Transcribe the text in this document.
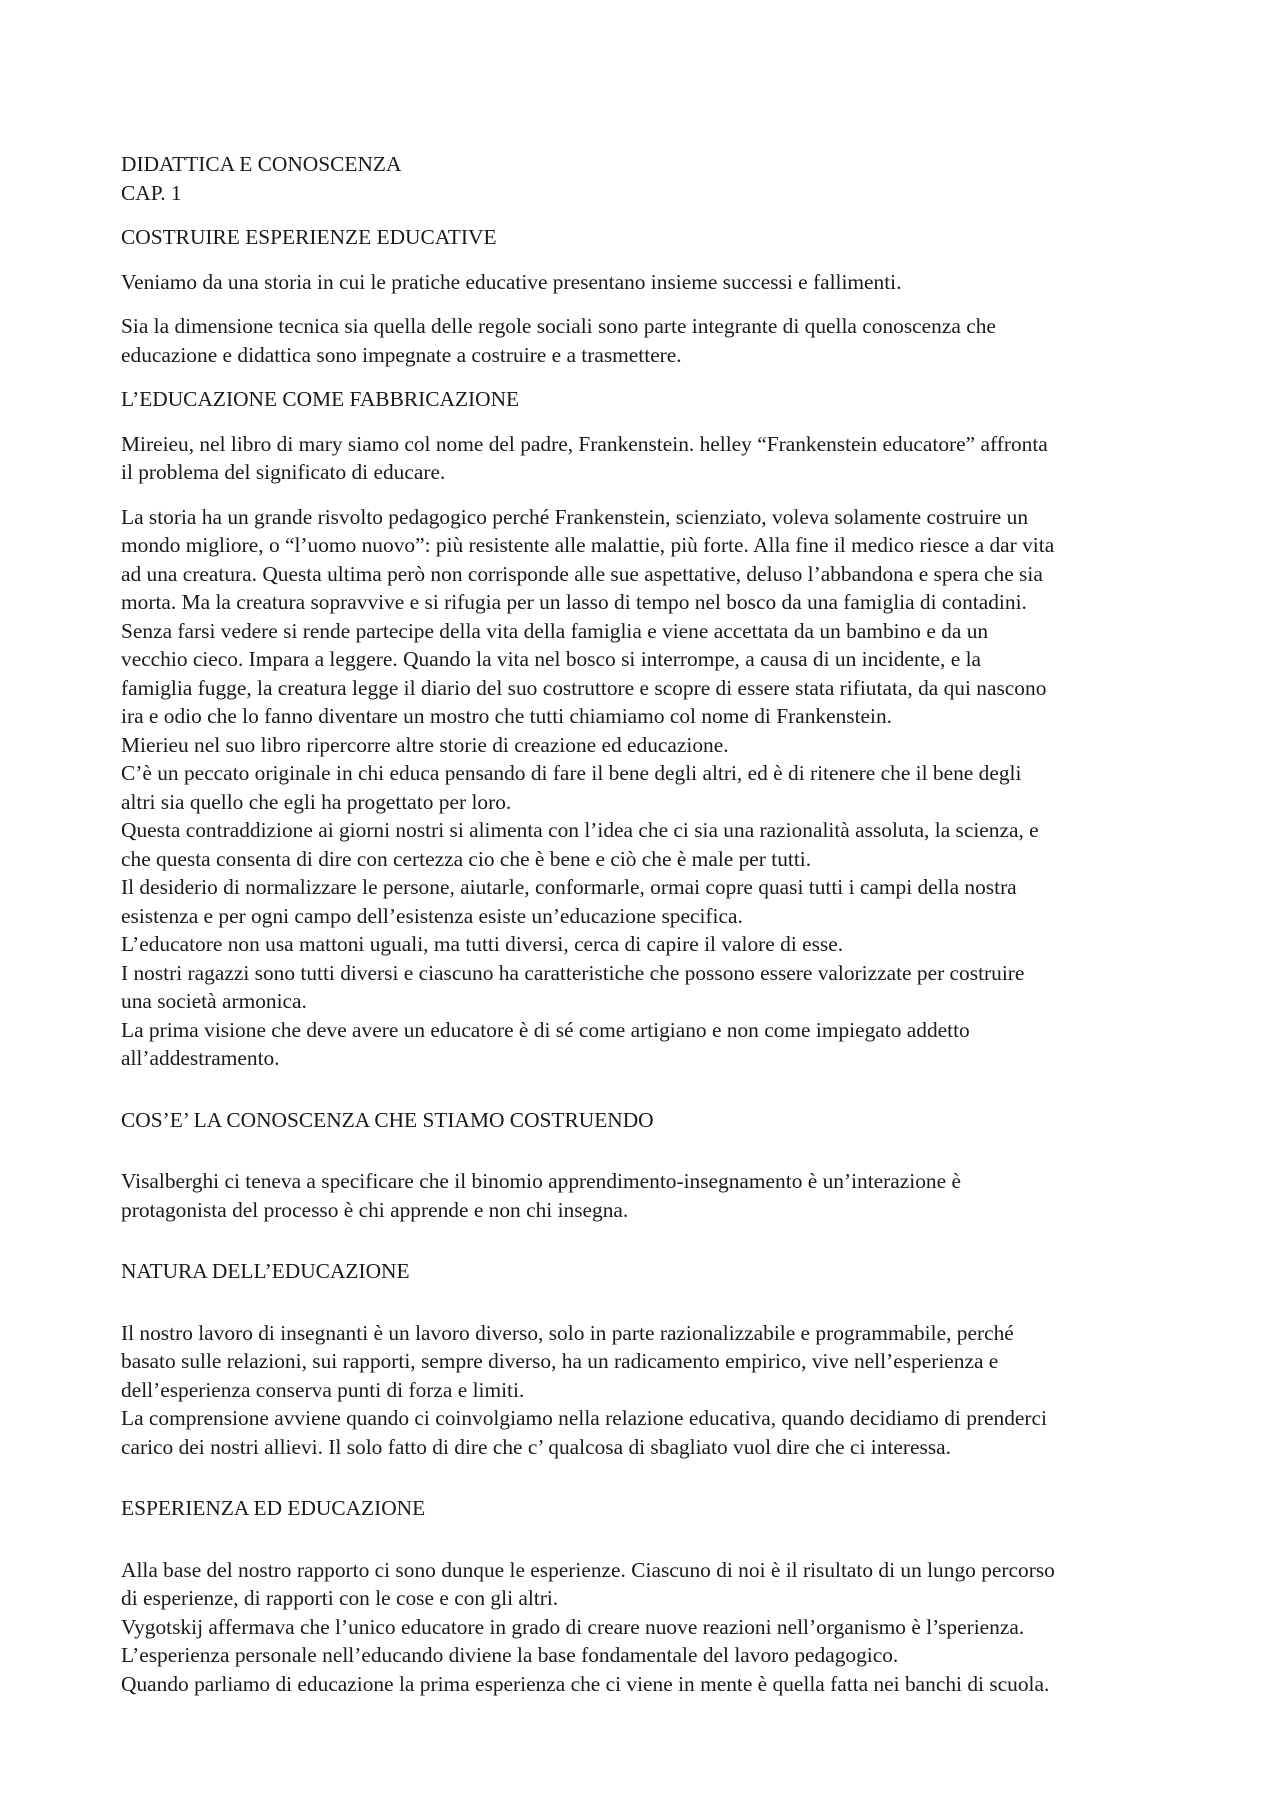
DIDATTICA E CONOSCENZA

CAP. 1

COSTRUIRE ESPERIENZE EDUCATIVE

Veniamo da una storia in cui le pratiche educative presentano insieme successi e fallimenti.

Sia la dimensione tecnica sia quella delle regole sociali sono parte integrante di quella conoscenza che

educazione e didattica sono impegnate a costruire e a trasmettere.

L’EDUCAZIONE COME FABBRICAZIONE

Mireieu, nel libro di mary siamo col nome del padre, Frankenstein. helley “Frankenstein educatore” affronta

il problema del significato di educare.

La storia ha un grande risvolto pedagogico perché Frankenstein, scienziato, voleva solamente costruire un

mondo migliore, o “l’uomo nuovo”: più resistente alle malattie, più forte. Alla fine il medico riesce a dar vita

ad una creatura. Questa ultima però non corrisponde alle sue aspettative, deluso l’abbandona e spera che sia

morta. Ma la creatura sopravvive e si rifugia per un lasso di tempo nel bosco da una famiglia di contadini.

Senza farsi vedere si rende partecipe della vita della famiglia e viene accettata da un bambino e da un

vecchio cieco. Impara a leggere. Quando la vita nel bosco si interrompe, a causa di un incidente, e la

famiglia fugge, la creatura legge il diario del suo costruttore e scopre di essere stata rifiutata, da qui nascono

ira e odio che lo fanno diventare un mostro che tutti chiamiamo col nome di Frankenstein.

Mierieu nel suo libro ripercorre altre storie di creazione ed educazione.

C’è un peccato originale in chi educa pensando di fare il bene degli altri, ed è di ritenere che il bene degli

altri sia quello che egli ha progettato per loro.

Questa contraddizione ai giorni nostri si alimenta con l’idea che ci sia una razionalità assoluta, la scienza, e

che questa consenta di dire con certezza cio che è bene e ciò che è male per tutti.

Il desiderio di normalizzare le persone, aiutarle, conformarle, ormai copre quasi tutti i campi della nostra

esistenza e per ogni campo dell’esistenza esiste un’educazione specifica.

L’educatore non usa mattoni uguali, ma tutti diversi, cerca di capire il valore di esse.

I nostri ragazzi sono tutti diversi e ciascuno ha caratteristiche che possono essere valorizzate per costruire

una società armonica.

La prima visione che deve avere un educatore è di sé come artigiano e non come impiegato addetto

all’addestramento.

COS’E’ LA CONOSCENZA CHE STIAMO COSTRUENDO

Visalberghi ci teneva a specificare che il binomio apprendimento-insegnamento è un’interazione è

protagonista del processo è chi apprende e non chi insegna.

NATURA DELL’EDUCAZIONE

Il nostro lavoro di insegnanti è un lavoro diverso, solo in parte razionalizzabile e programmabile, perché

basato sulle relazioni, sui rapporti, sempre diverso, ha un radicamento empirico, vive nell’esperienza e

dell’esperienza conserva punti di forza e limiti.

La comprensione avviene quando ci coinvolgiamo nella relazione educativa, quando decidiamo di prenderci

carico dei nostri allievi. Il solo fatto di dire che c’ qualcosa di sbagliato vuol dire che ci interessa.

ESPERIENZA ED EDUCAZIONE

Alla base del nostro rapporto ci sono dunque le esperienze. Ciascuno di noi è il risultato di un lungo percorso

di esperienze, di rapporti con le cose e con gli altri.

Vygotskij affermava che l’unico educatore in grado di creare nuove reazioni nell’organismo è l’sperienza.

L’esperienza personale nell’educando diviene la base fondamentale del lavoro pedagogico.

Quando parliamo di educazione la prima esperienza che ci viene in mente è quella fatta nei banchi di scuola.
